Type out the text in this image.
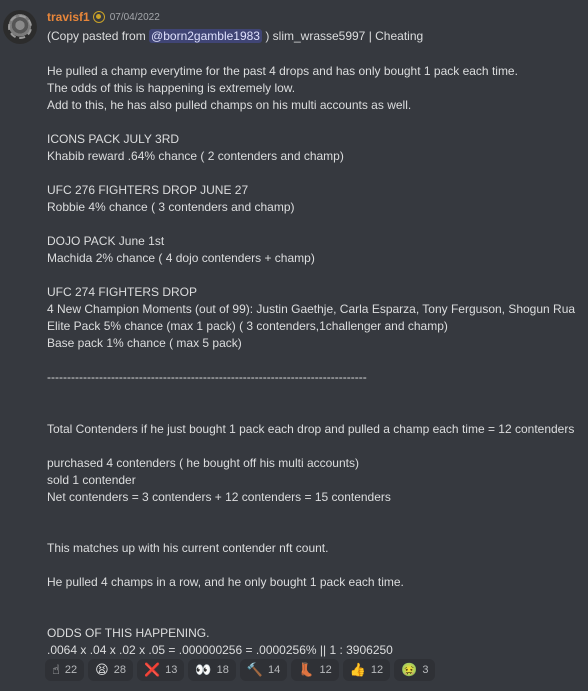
travisf1 07/04/2022
(Copy pasted from @born2gamble1983 ) slim_wrasse5997 | Cheating
He pulled a champ everytime for the past 4 drops and has only bought 1 pack each time.
The odds of this is happening is extremely low.
Add to this, he has also pulled champs on his multi accounts as well.
ICONS PACK JULY 3RD
Khabib reward .64% chance ( 2 contenders and champ)
UFC 276 FIGHTERS DROP JUNE 27
Robbie 4% chance ( 3 contenders and champ)
DOJO PACK June 1st
Machida 2% chance ( 4 dojo contenders + champ)
UFC 274 FIGHTERS DROP
4 New Champion Moments (out of 99): Justin Gaethje, Carla Esparza, Tony Ferguson, Shogun Rua
Elite Pack 5% chance (max 1 pack) ( 3 contenders,1challenger and champ)
Base pack 1% chance ( max 5 pack)
--------------------------------------------------------------------------------
Total Contenders if he just bought 1 pack each drop and pulled a champ each time = 12 contenders
purchased 4 contenders ( he bought off his multi accounts)
sold 1 contender
Net contenders = 3 contenders + 12 contenders = 15 contenders
This matches up with his current contender nft count.
He pulled 4 champs in a row, and he only bought 1 pack each time.
ODDS OF THIS HAPPENING.
.0064 x .04 x .02 x .05 = .000000256 = .0000256% || 1 : 3906250
☝ 22 😫 28 ❌ 13 👀 18 🔨 14 👢 12 👍 12 🤢 3
